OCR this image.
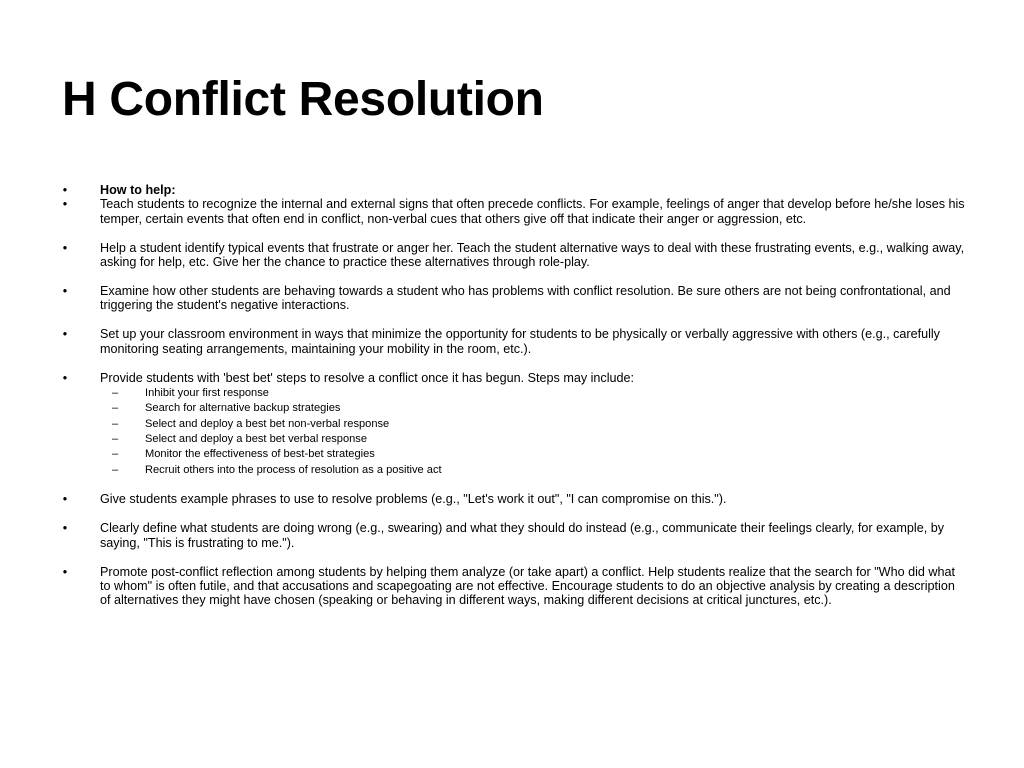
H Conflict Resolution
•	How to help:
•	Teach students to recognize the internal and external signs that often precede conflicts. For example, feelings of anger that develop before he/she loses his temper, certain events that often end in conflict, non-verbal cues that others give off that indicate their anger or aggression, etc.
•	Help a student identify typical events that frustrate or anger her. Teach the student alternative ways to deal with these frustrating events, e.g., walking away, asking for help, etc. Give her the chance to practice these alternatives through role-play.
•	Examine how other students are behaving towards a student who has problems with conflict resolution. Be sure others are not being confrontational, and triggering the student's negative interactions.
•	Set up your classroom environment in ways that minimize the opportunity for students to be physically or verbally aggressive with others (e.g., carefully monitoring seating arrangements, maintaining your mobility in the room, etc.).
•	Provide students with 'best bet' steps to resolve a conflict once it has begun. Steps may include:
– Inhibit your first response
– Search for alternative backup strategies
– Select and deploy a best bet non-verbal response
– Select and deploy a best bet verbal response
– Monitor the effectiveness of best-bet strategies
– Recruit others into the process of resolution as a positive act
•	Give students example phrases to use to resolve problems (e.g., "Let's work it out", "I can compromise on this.").
•	Clearly define what students are doing wrong (e.g., swearing) and what they should do instead (e.g., communicate their feelings clearly, for example, by saying, "This is frustrating to me.").
•	Promote post-conflict reflection among students by helping them analyze (or take apart) a conflict. Help students realize that the search for "Who did what to whom" is often futile, and that accusations and scapegoating are not effective. Encourage students to do an objective analysis by creating a description of alternatives they might have chosen (speaking or behaving in different ways, making different decisions at critical junctures, etc.).
